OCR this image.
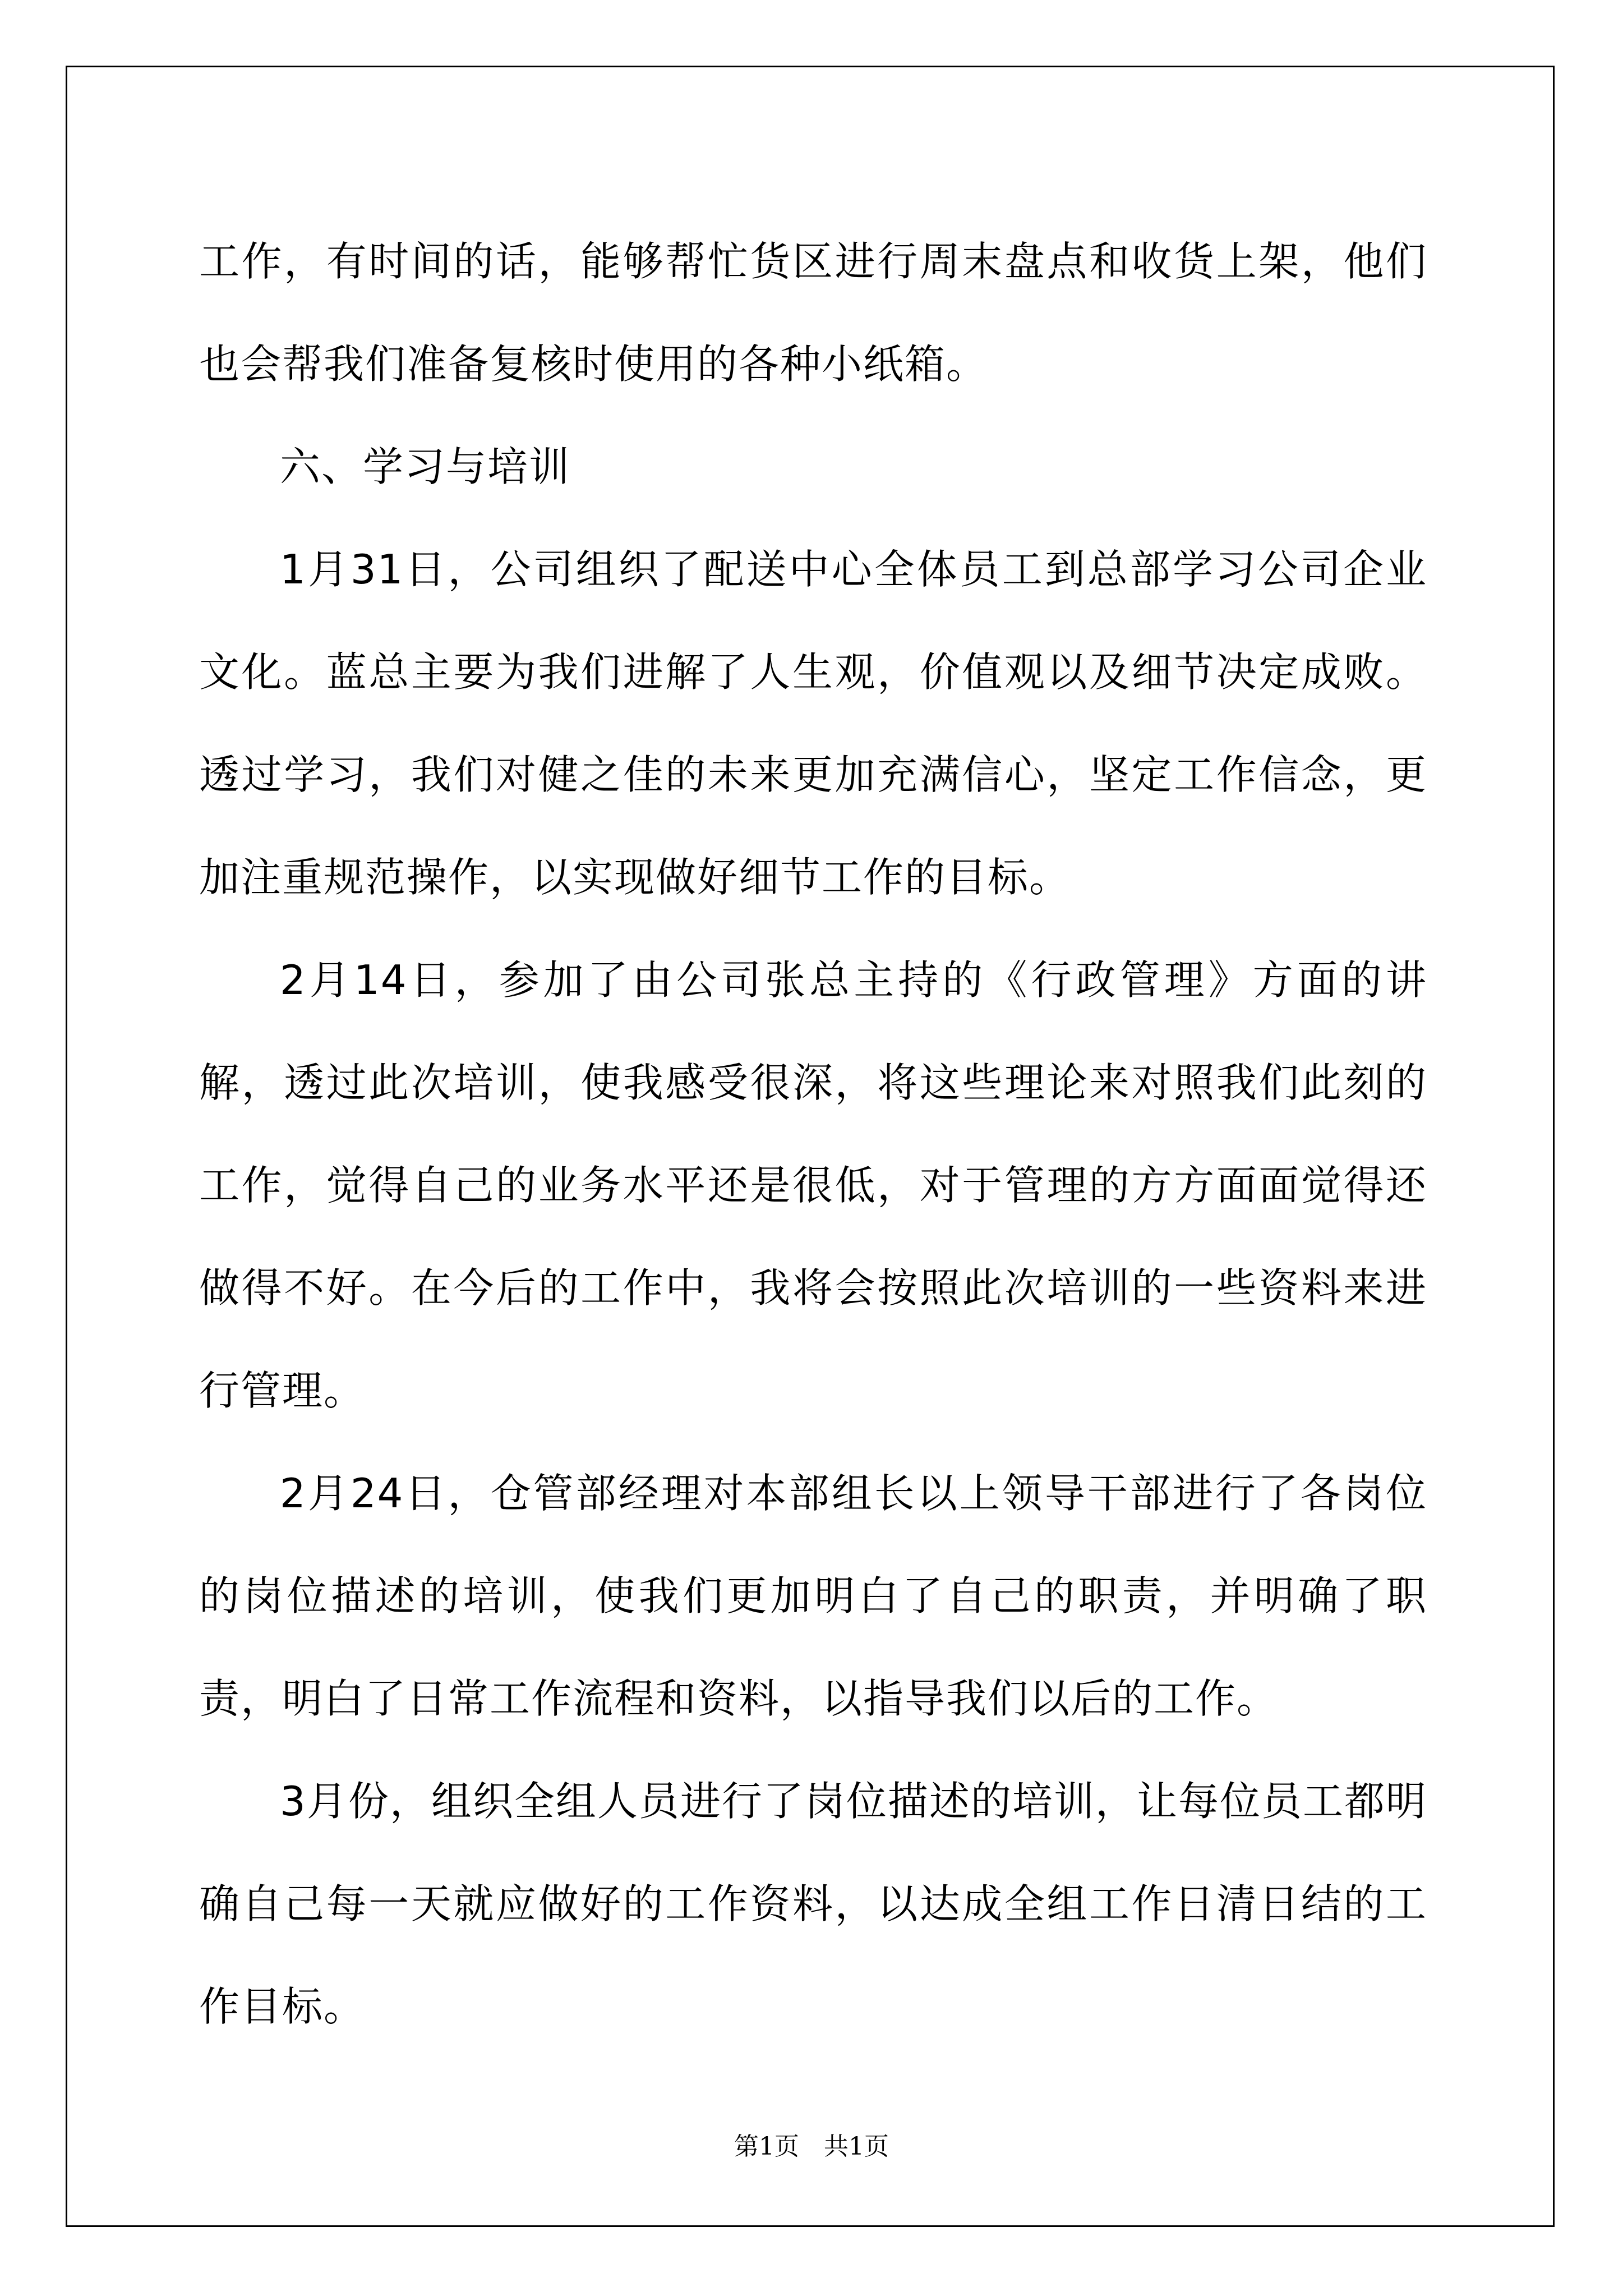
工作，有时间的话，能够帮忙货区进行周末盘点和收货上架，他们也会帮我们准备复核时使用的各种小纸箱。

六、学习与培训

1月31日，公司组织了配送中心全体员工到总部学习公司企业文化。蓝总主要为我们进解了人生观，价值观以及细节决定成败。透过学习，我们对健之佳的未来更加充满信心，坚定工作信念，更加注重规范操作，以实现做好细节工作的目标。

2月14日，参加了由公司张总主持的《行政管理》方面的讲解，透过此次培训，使我感受很深，将这些理论来对照我们此刻的工作，觉得自己的业务水平还是很低，对于管理的方方面面觉得还做得不好。在今后的工作中，我将会按照此次培训的一些资料来进行管理。

2月24日，仓管部经理对本部组长以上领导干部进行了各岗位的岗位描述的培训，使我们更加明白了自己的职责，并明确了职责，明白了日常工作流程和资料，以指导我们以后的工作。

3月份，组织全组人员进行了岗位描述的培训，让每位员工都明确自己每一天就应做好的工作资料，以达成全组工作日清日结的工作目标。

第1页 共1页
